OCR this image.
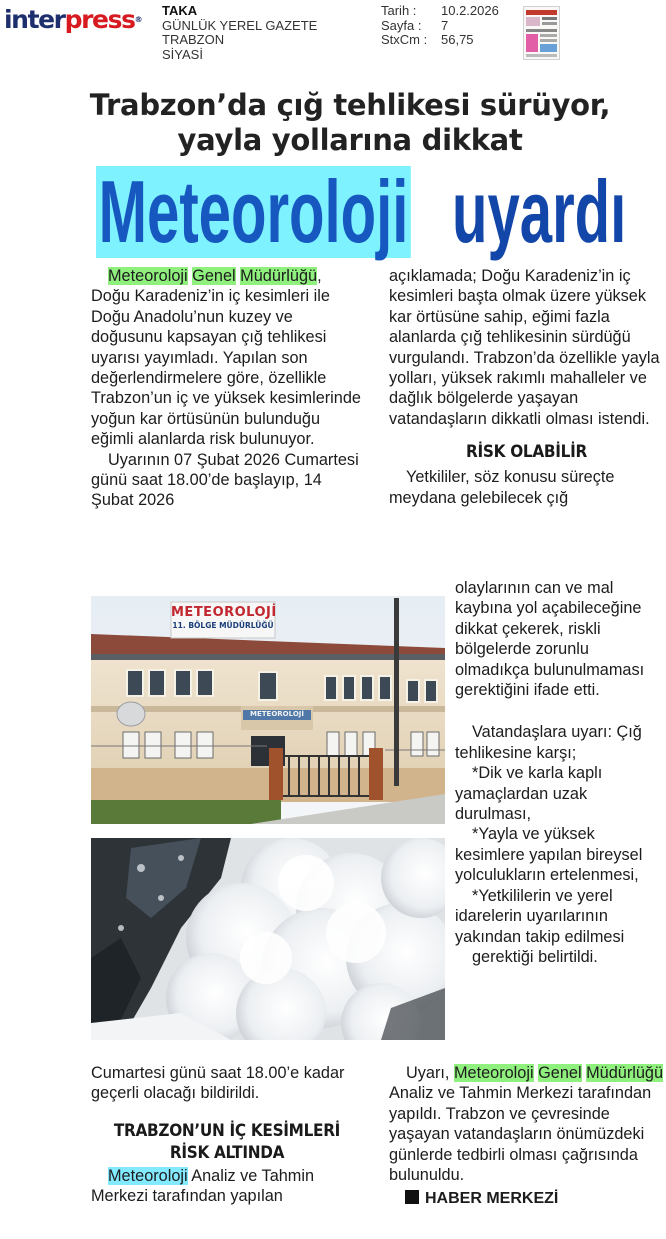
interpress®
TAKA
GÜNLÜK YEREL GAZETE
TRABZON
SİYASİ
Tarih :	10.2.2026
Sayfa :	7
StxCm :	56,75
Trabzon’da çığ tehlikesi sürüyor,
yayla yollarına dikkat
Meteoroloji uyardı

Meteoroloji Genel Müdürlüğü, Doğu Karadeniz’in iç kesimleri ile Doğu Anadolu’nun kuzey ve doğusunu kapsayan çığ tehlikesi uyarısı yayımladı. Yapılan son değerlendirmelere göre, özellikle Trabzon’un iç ve yüksek kesimlerinde yoğun kar örtüsünün bulunduğu eğimli alanlarda risk bulunuyor.

Uyarının 07 Şubat 2026 Cumartesi günü saat 18.00’de başlayıp, 14 Şubat 2026

METEOROLOJİ
11. BÖLGE MÜDÜRLÜĞÜ
METEOROLOJİ

Cumartesi günü saat 18.00’e kadar geçerli olacağı bildirildi.

TRABZON’UN İÇ KESİMLERİ
RİSK ALTINDA

Meteoroloji Analiz ve Tahmin Merkezi tarafından yapılan

açıklamada; Doğu Karadeniz’in iç kesimleri başta olmak üzere yüksek kar örtüsüne sahip, eğimi fazla alanlarda çığ tehlikesinin sürdüğü vurgulandı. Trabzon’da özellikle yayla yolları, yüksek rakımlı mahalleler ve dağlık bölgelerde yaşayan vatandaşların dikkatli olması istendi.

RİSK OLABİLİR

Yetkililer, söz konusu süreçte meydana gelebilecek çığ

olaylarının can ve mal kaybına yol açabileceğine dikkat çekerek, riskli bölgelerde zorunlu olmadıkça bulunulmaması gerektiğini ifade etti.

Vatandaşlara uyarı: Çığ tehlikesine karşı;

*Dik ve karla kaplı yamaçlardan uzak durulması,

*Yayla ve yüksek kesimlere yapılan bireysel yolculukların ertelenmesi,

*Yetkililerin ve yerel idarelerin uyarılarının yakından takip edilmesi

gerektiği belirtildi.

Uyarı, Meteoroloji Genel Müdürlüğü Analiz ve Tahmin Merkezi tarafından yapıldı. Trabzon ve çevresinde yaşayan vatandaşların önümüzdeki günlerde tedbirli olması çağrısında bulunuldu.

HABER MERKEZİ
